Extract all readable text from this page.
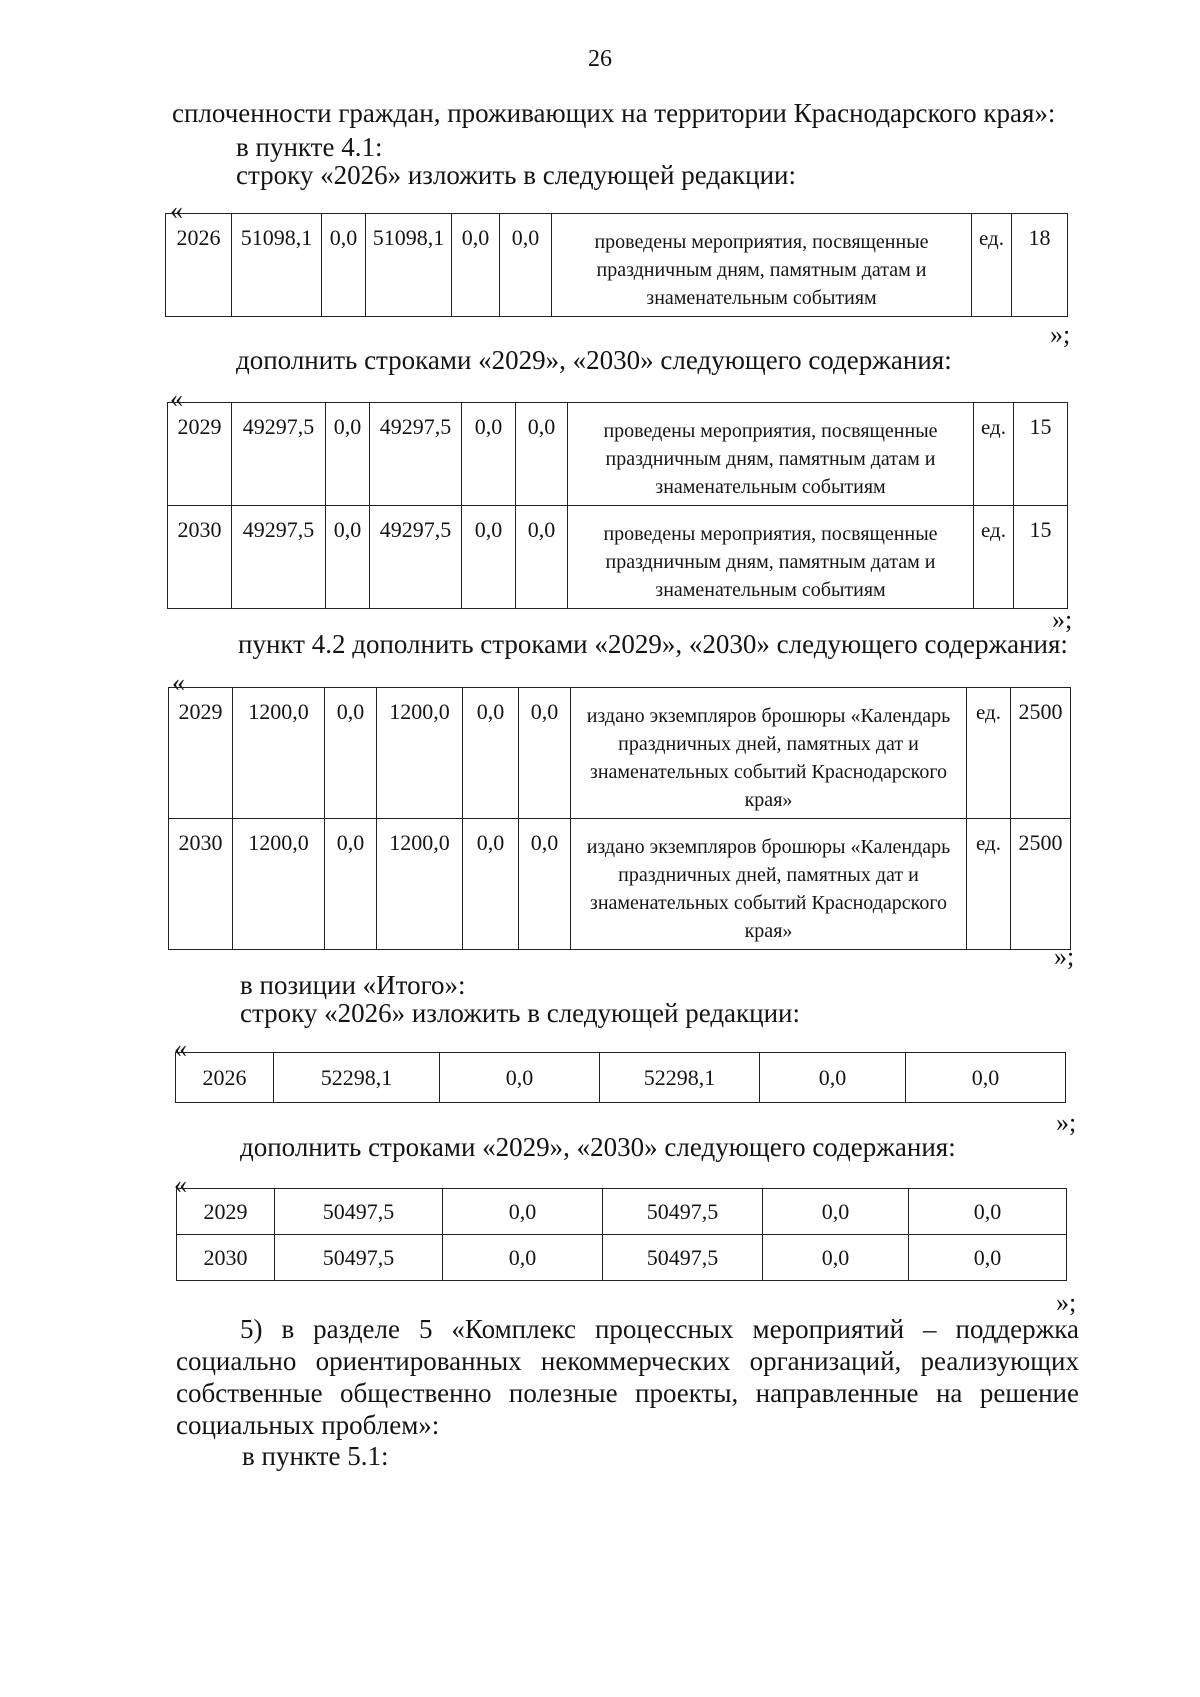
26
сплоченности граждан, проживающих на территории Краснодарского края»:
в пункте 4.1:
строку «2026» изложить в следующей редакции:
«
2026	51098,1	0,0	51098,1	0,0	0,0	проведены мероприятия, посвященные праздничным дням, памятным датам и знаменательным событиям	ед.	18
»;
дополнить строками «2029», «2030» следующего содержания:
«
2029	49297,5	0,0	49297,5	0,0	0,0	проведены мероприятия, посвященные праздничным дням, памятным датам и знаменательным событиям	ед.	15
2030	49297,5	0,0	49297,5	0,0	0,0	проведены мероприятия, посвященные праздничным дням, памятным датам и знаменательным событиям	ед.	15
»;
пункт 4.2 дополнить строками «2029», «2030» следующего содержания:
«
2029	1200,0	0,0	1200,0	0,0	0,0	издано экземпляров брошюры «Календарь праздничных дней, памятных дат и знаменательных событий Краснодарского края»	ед.	2500
2030	1200,0	0,0	1200,0	0,0	0,0	издано экземпляров брошюры «Календарь праздничных дней, памятных дат и знаменательных событий Краснодарского края»	ед.	2500
»;
в позиции «Итого»:
строку «2026» изложить в следующей редакции:
«
2026	52298,1	0,0	52298,1	0,0	0,0
»;
дополнить строками «2029», «2030» следующего содержания:
«
2029	50497,5	0,0	50497,5	0,0	0,0
2030	50497,5	0,0	50497,5	0,0	0,0
»;
5) в разделе 5 «Комплекс процессных мероприятий – поддержка социально ориентированных некоммерческих организаций, реализующих собственные общественно полезные проекты, направленные на решение социальных проблем»:
в пункте 5.1:
